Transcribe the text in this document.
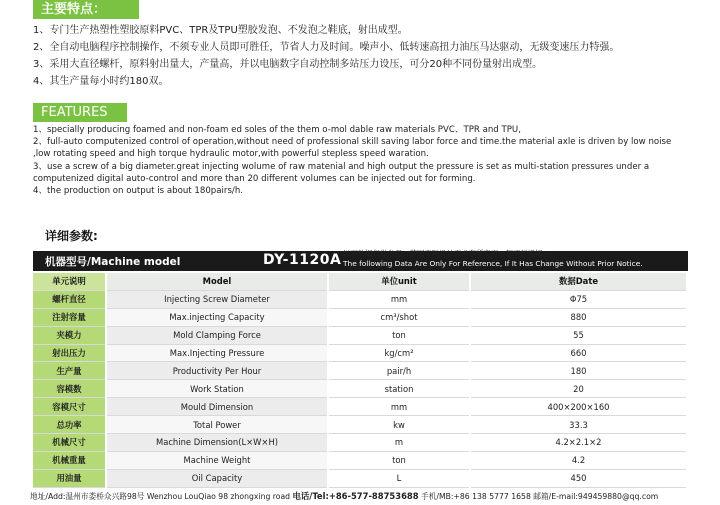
主要特点：
1、专门生产热塑性塑胶原料PVC、TPR及TPU塑胶发泡、不发泡之鞋底，射出成型。
2、全自动电脑程序控制操作，不须专业人员即可胜任，节省人力及时间。噪声小、低转速高扭力油压马达驱动，无级变速压力特强。
3、采用大直径螺杆，原料射出量大，产量高，并以电脑数字自动控制多站压力设压，可分20种不同份量射出成型。
4、其生产量每小时约180双。
FEATURES
1、specially producing foamed and non-foam ed soles of the them o-mol dable raw materials PVC、TPR and TPU,
2、full-auto computenized control of operation,without need of professional skill saving labor force and time.the material axle is driven by low noise ,low rotating speed and high torque hydraulic motor,with powerful stepless speed waration.
3、use a screw of a big diameter.great injecting wolume of raw matenial and high output the pressure is set as multi-station pressures under a computenized digital auto-control and more than 20 different volumes can be injected out for forming.
4、the production on output is about 180pairs/h.
详细参数:
机器型号/Machine model	DY-1120A 以下数据仅供参考，若因实际设计需求有所变更，恕不行通知。
The following Data Are Only For Reference, If It Has Change Without Prior Notice.
单元说明	Model	单位unit	数据Date
螺杆直径	Injecting Screw Diameter	mm	Φ75
注射容量	Max.injecting Capacity	cm³/shot	880
夹模力	Mold Clamping Force	ton	55
射出压力	Max.Injecting Pressure	kg/cm²	660
生产量	Productivity Per Hour	pair/h	180
容模数	Work Station	station	20
容模尺寸	Mould Dimension	mm	400×200×160
总功率	Total Power	kw	33.3
机械尺寸	Machine Dimension(L×W×H)	m	4.2×2.1×2
机械重量	Machine Weight	ton	4.2
用油量	Oil Capacity	L	450
地址/Add:温州市娄桥众兴路98号 Wenzhou LouQiao 98 zhongxing road 电话/Tel:+86-577-88753688 手机/MB:+86 138 5777 1658 邮箱/E-mail:949459880@qq.com
